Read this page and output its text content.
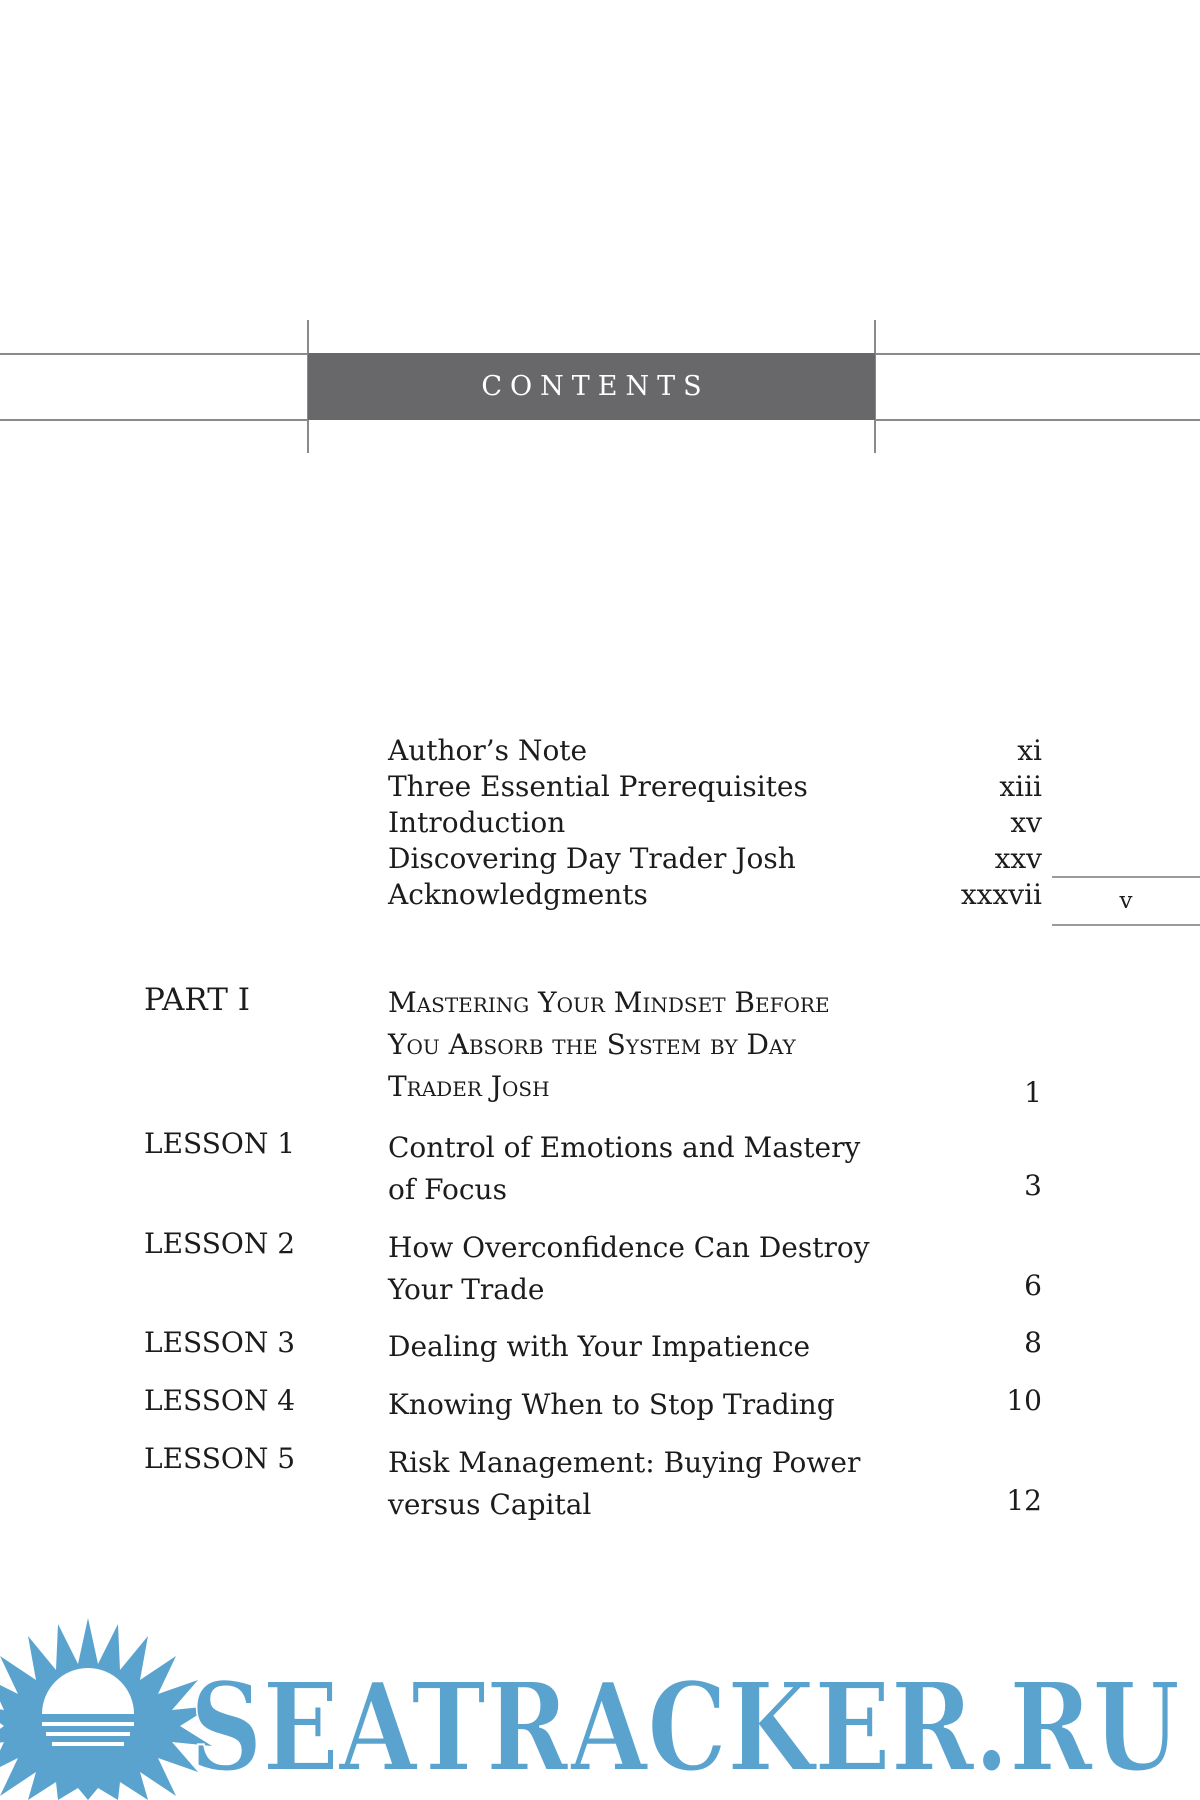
CONTENTS
v
Author’s Note	xi
Three Essential Prerequisites	xiii
Introduction	xv
Discovering Day Trader Josh	xxv
Acknowledgments	xxxvii
PART I	Mastering Your Mindset Before
You Absorb the System by Day
Trader Josh	1
LESSON 1	Control of Emotions and Mastery
of Focus	3
LESSON 2	How Overconfidence Can Destroy
Your Trade	6
LESSON 3	Dealing with Your Impatience	8
LESSON 4	Knowing When to Stop Trading	10
LESSON 5	Risk Management: Buying Power
versus Capital	12
SEATRACKER.RU
